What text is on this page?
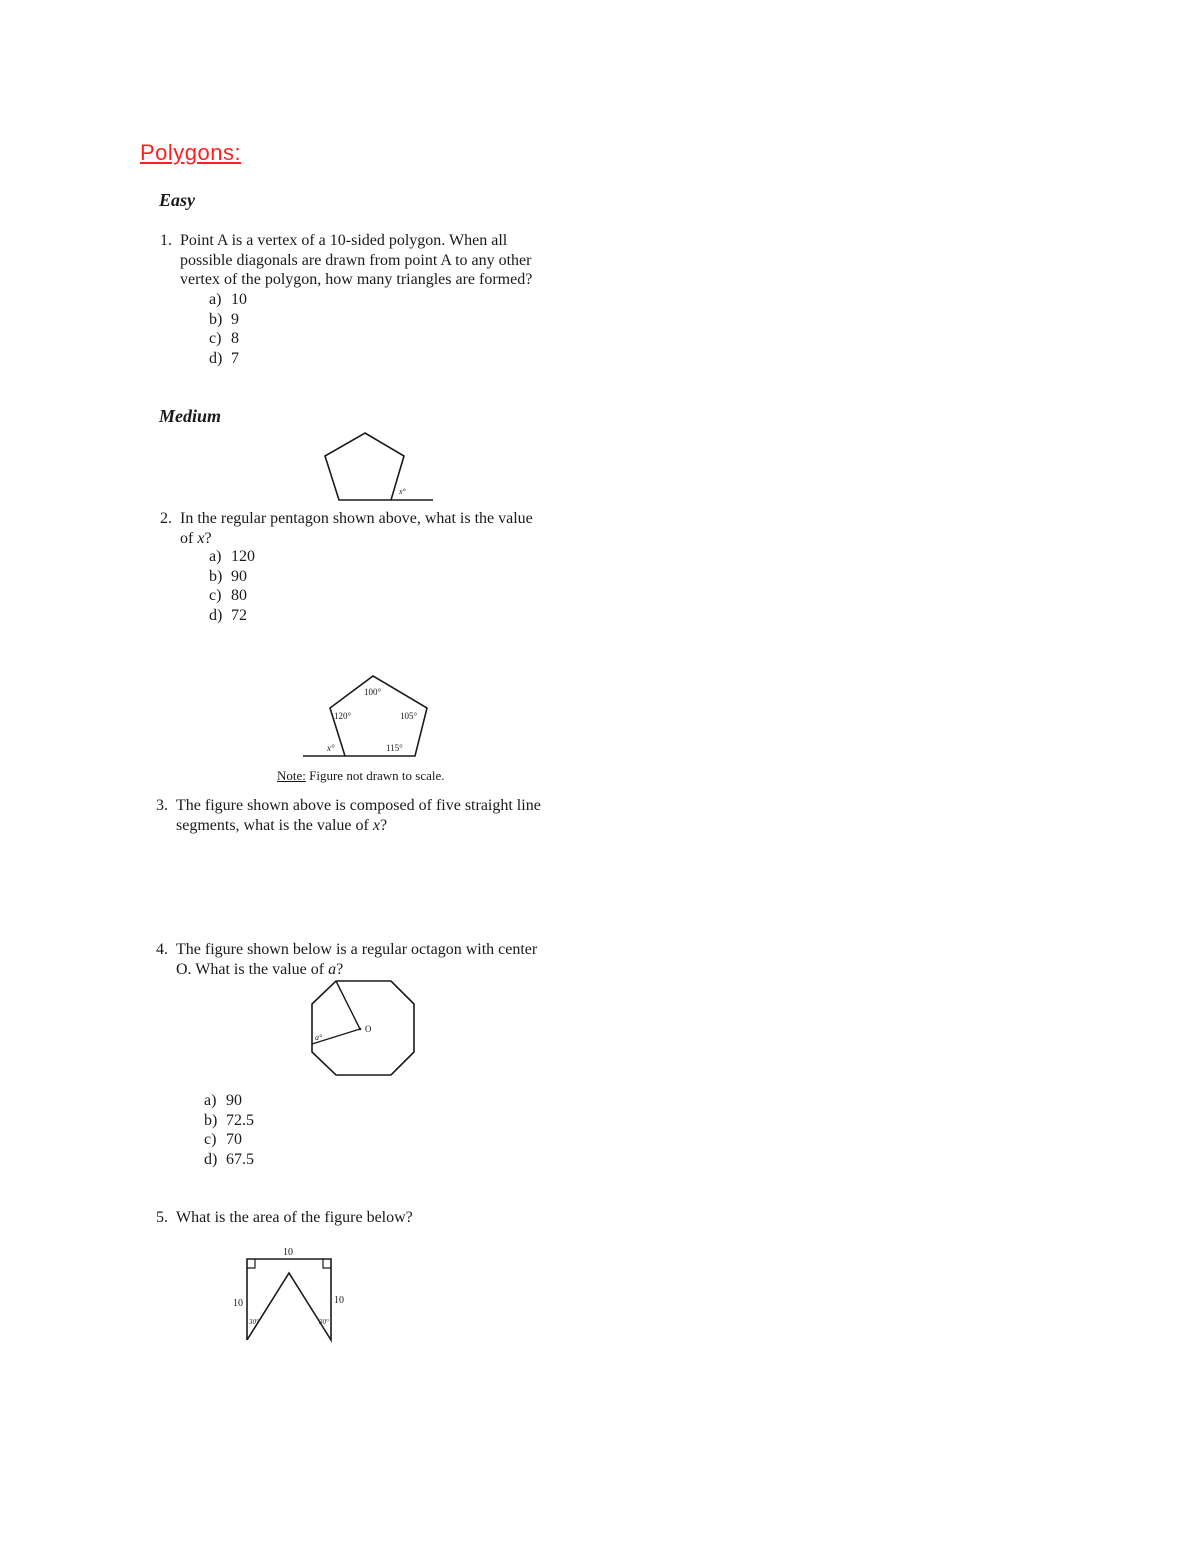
Polygons:
Easy
1. Point A is a vertex of a 10-sided polygon. When all
possible diagonals are drawn from point A to any other
vertex of the polygon, how many triangles are formed?
a) 10
b) 9
c) 8
d) 7
Medium
x°
2. In the regular pentagon shown above, what is the value
of x?
a) 120
b) 90
c) 80
d) 72
100°
120°	105°
115°
x°
Note: Figure not drawn to scale.
3. The figure shown above is composed of five straight line
segments, what is the value of x?
4. The figure shown below is a regular octagon with center
O. What is the value of a?
O
a°
a) 90
b) 72.5
c) 70
d) 67.5
5. What is the area of the figure below?
10
10	10
30°	30°
